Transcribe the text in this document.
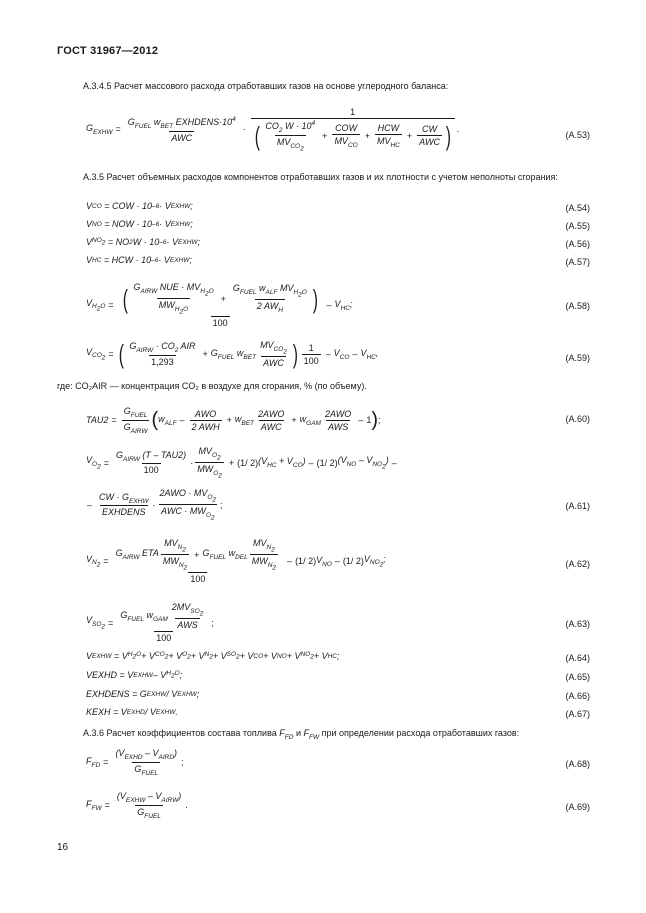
ГОСТ 31967—2012
А.3.4.5 Расчет массового расхода отработавших газов на основе углеродного баланса:
$G_{EXHW}$ =
$G_{FUEL}$ $w_{BET}$ $EXHDENS\cdot 10^4$
AWC
·
1
( $CO_2$ $W \cdot 10^4$
$MV_{CO_2}$
+
COW
$MV_{CO}$
+
HCW
$MV_{HC}$
+
CW
AWC ) .
(А.53)
А.3.5 Расчет объемных расходов компонентов отработавших газов и их плотности с учетом неполноты сгорания:
V CO = COW · 10 –6 · V EXHW ;	(А.54)
V NO = NOW · 10 –6 · V EXHW ;	(А.55)
V $NO_2$ = NO 2 W · 10 –6 · V EXHW ;	(А.56)
V HC = HCW · 10 –6 · V EXHW ;	(А.57)
$V_{H_2O}$ = ( $G_{AIRW}$ NUE · $MV_{H_2O}$
$MW_{H_2O}$
+
$G_{FUEL}$ $w_{ALF}$ $MV_{H_2O}$
2 $AW_H$ )
100
– $V_{HC}$;	(А.58)
$V_{CO_2}$ = ( $G_{AIRW} \cdot CO_2$ AIR
1,293
+ $G_{FUEL}$ $w_{BET}$
$MV_{CO_2}$
AWC ) 1
100
– $V_{CO} - V_{HC}$,
(А.59)
где: CO₂AIR — концентрация CO₂ в воздухе для сгорания, % (по объему).
TAU2 =
$G_{FUEL}$
$G_{AIRW}$ ( $w_{ALF}$ –
AWO
2 AWH
+ $w_{BET}$
2AWO
AWC
+ $w_{GAM}$
2AWO
AWS
– 1 ) ;	(А.60)
$V_{O_2}$ =
$G_{AIRW}$ (T – TAU2)
100
·
$MV_{O_2}$
$MW_{O_2}$
+ (1/ 2) $(V_{HC} + V_{CO}) - (1/$ 2) $(V_{NO} - V_{NO_2})$ –
–
CW · $G_{EXHW}$
EXHDENS
·
$2AWO \cdot MV_{O_2}$
AWC · $MW_{O_2}$
;	(А.61)
$V_{N_2}$ =
$G_{AIRW}$ ETA
$MV_{N_2}$
$MW_{N_2}$
+ $G_{FUEL}$ $w_{DEL}$
$MV_{N_2}$
$MW_{N_2}$
100
– (1/ 2) $V_{NO} - (1/$ 2) $V_{NO_2}$;
(А.62)
$V_{SO_2}$ =
$G_{FUEL}$ $w_{GAM}$
$2MV_{SO_2}$
AWS
100
;	(А.63)
V EXHW = V $H_2O + V$ $CO_2 + V$ $O_2 + V$ $N_2 + V$ $SO_2 + V$ CO + V NO + V $NO_2 + V$ HC ;	(А.64)
VEXHD = V EXHW – V $H_2O$ ;	(А.65)
EXHDENS = G EXHW / V EXHW ;	(А.66)
KEXH = V EXHD / V EXHW .	(А.67)
А.3.6 Расчет коэффициентов состава топлива $F_{FD}$ и $F_{FW}$ при определении расхода отработавших газов:
$F_{FD}$ =
$(V_{EXHD} - V_{AIRD})$
$G_{FUEL}$
;	(А.68)
$F_{FW}$ =
$(V_{EXHW} - V_{AIRW})$
$G_{FUEL}$
.	(А.69)
16
